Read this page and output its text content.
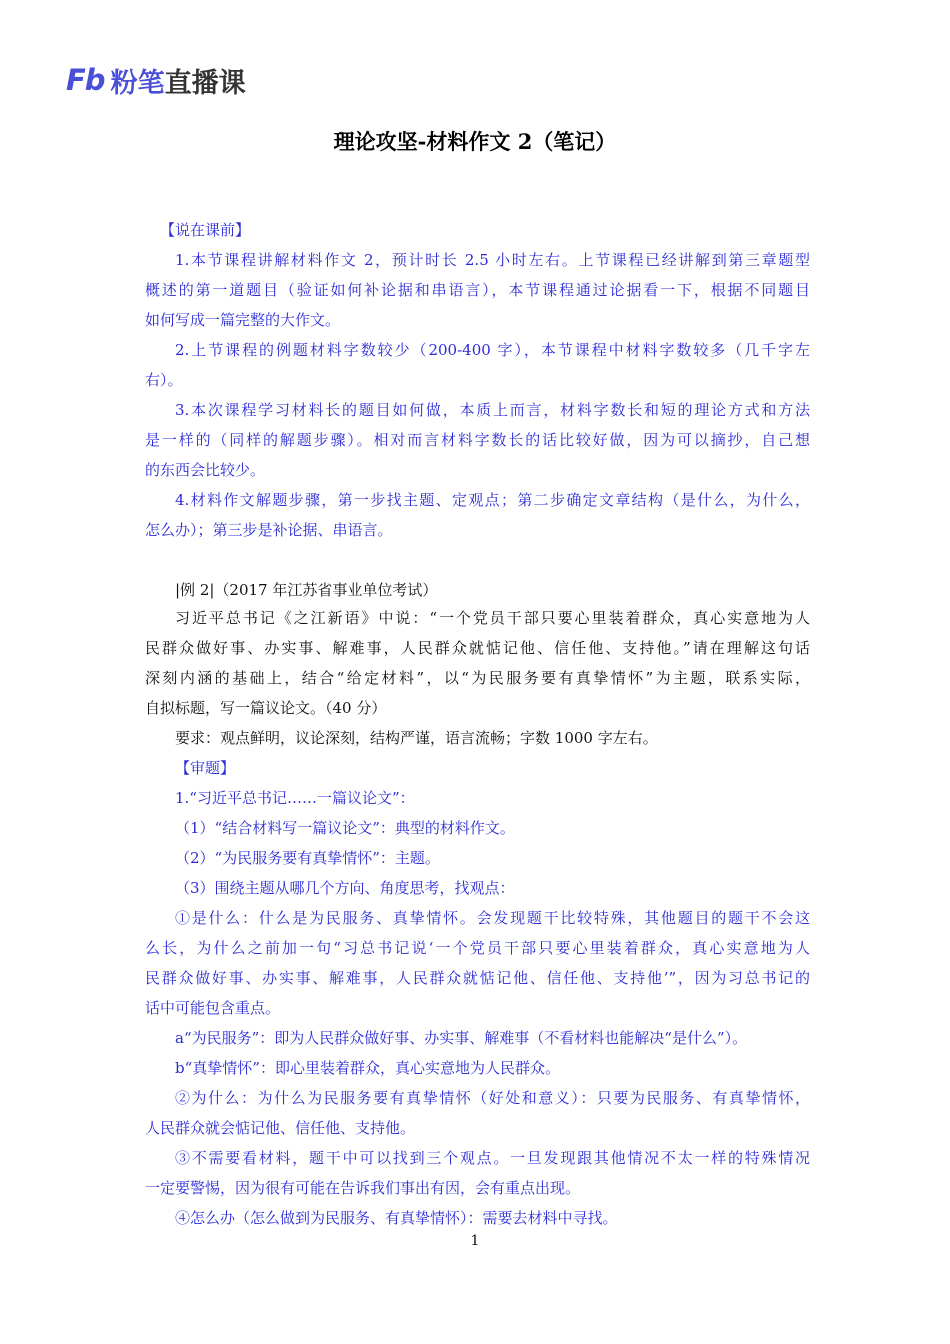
Fb 粉笔直播课
理论攻坚-材料作文 2（笔记）
【说在课前】
1.本节课程讲解材料作文 2，预计时长 2.5 小时左右。上节课程已经讲解到第三章题型
概述的第一道题目（验证如何补论据和串语言），本节课程通过论据看一下，根据不同题目
如何写成一篇完整的大作文。
2.上节课程的例题材料字数较少（200-400 字），本节课程中材料字数较多（几千字左
右）。
3.本次课程学习材料长的题目如何做，本质上而言，材料字数长和短的理论方式和方法
是一样的（同样的解题步骤）。相对而言材料字数长的话比较好做，因为可以摘抄，自己想
的东西会比较少。
4.材料作文解题步骤，第一步找主题、定观点；第二步确定文章结构（是什么，为什么，
怎么办）；第三步是补论据、串语言。
|例 2|（2017 年江苏省事业单位考试）
习近平总书记《之江新语》中说：“一个党员干部只要心里装着群众，真心实意地为人
民群众做好事、办实事、解难事，人民群众就惦记他、信任他、支持他。”请在理解这句话
深刻内涵的基础上，结合“给定材料”，以“为民服务要有真挚情怀”为主题，联系实际，
自拟标题，写一篇议论文。（40 分）
要求：观点鲜明，议论深刻，结构严谨，语言流畅；字数 1000 字左右。
【审题】
1.“习近平总书记……一篇议论文”：
（1）“结合材料写一篇议论文”：典型的材料作文。
（2）“为民服务要有真挚情怀”：主题。
（3）围绕主题从哪几个方向、角度思考，找观点：
①是什么：什么是为民服务、真挚情怀。会发现题干比较特殊，其他题目的题干不会这
么长，为什么之前加一句“习总书记说‘一个党员干部只要心里装着群众，真心实意地为人
民群众做好事、办实事、解难事，人民群众就惦记他、信任他、支持他’”，因为习总书记的
话中可能包含重点。
a“为民服务”：即为人民群众做好事、办实事、解难事（不看材料也能解决“是什么”）。
b“真挚情怀”：即心里装着群众，真心实意地为人民群众。
②为什么：为什么为民服务要有真挚情怀（好处和意义）：只要为民服务、有真挚情怀，
人民群众就会惦记他、信任他、支持他。
③不需要看材料，题干中可以找到三个观点。一旦发现跟其他情况不太一样的特殊情况
一定要警惕，因为很有可能在告诉我们事出有因，会有重点出现。
④怎么办（怎么做到为民服务、有真挚情怀）：需要去材料中寻找。
1
